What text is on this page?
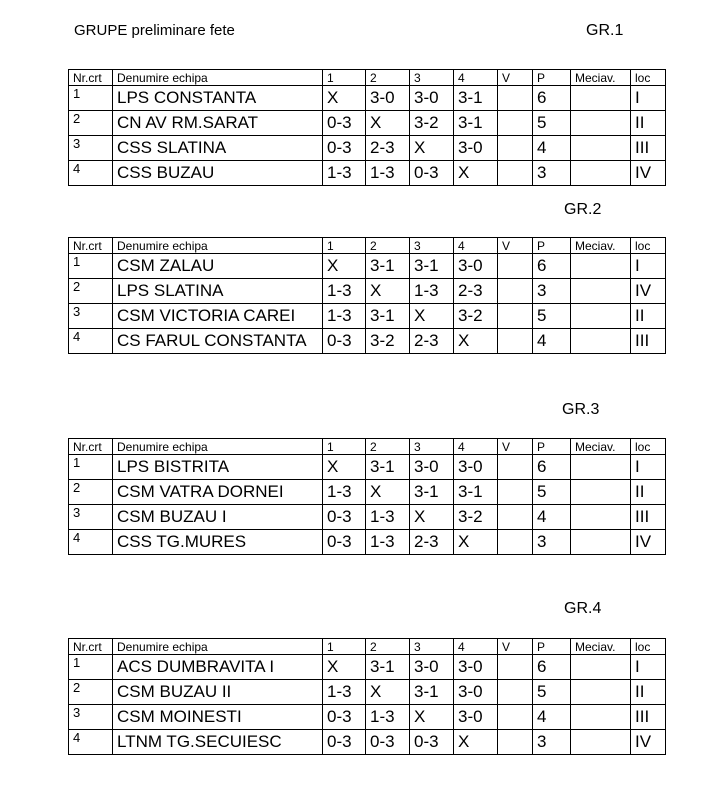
GRUPE preliminare fete	GR.1
Nr.crt	Denumire echipa	1	2	3	4	V	P	Meciav.	loc
1	LPS CONSTANTA	X	3-0	3-0	3-1		6		I
2	CN AV RM.SARAT	0-3	X	3-2	3-1		5		II
3	CSS SLATINA	0-3	2-3	X	3-0		4		III
4	CSS BUZAU	1-3	1-3	0-3	X		3		IV
GR.2
Nr.crt	Denumire echipa	1	2	3	4	V	P	Meciav.	loc
1	CSM ZALAU	X	3-1	3-1	3-0		6		I
2	LPS SLATINA	1-3	X	1-3	2-3		3		IV
3	CSM VICTORIA CAREI	1-3	3-1	X	3-2		5		II
4	CS FARUL CONSTANTA	0-3	3-2	2-3	X		4		III
GR.3
Nr.crt	Denumire echipa	1	2	3	4	V	P	Meciav.	loc
1	LPS BISTRITA	X	3-1	3-0	3-0		6		I
2	CSM VATRA DORNEI	1-3	X	3-1	3-1		5		II
3	CSM BUZAU I	0-3	1-3	X	3-2		4		III
4	CSS TG.MURES	0-3	1-3	2-3	X		3		IV
GR.4
Nr.crt	Denumire echipa	1	2	3	4	V	P	Meciav.	loc
1	ACS DUMBRAVITA I	X	3-1	3-0	3-0		6		I
2	CSM BUZAU II	1-3	X	3-1	3-0		5		II
3	CSM MOINESTI	0-3	1-3	X	3-0		4		III
4	LTNM TG.SECUIESC	0-3	0-3	0-3	X		3		IV
